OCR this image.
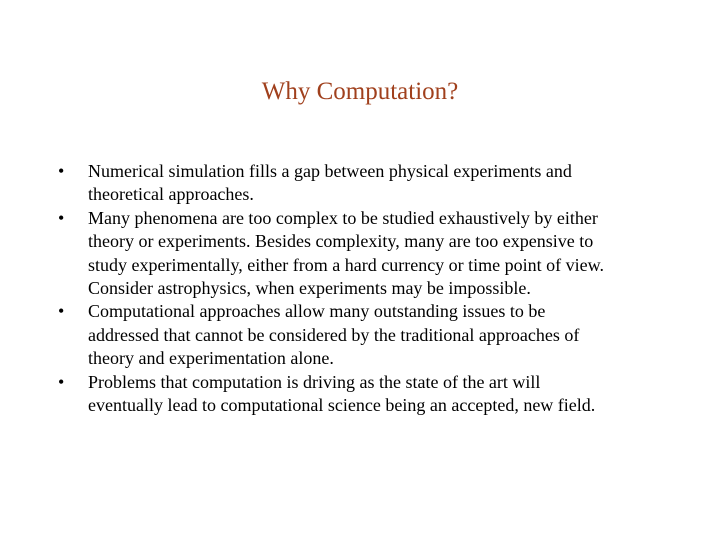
Why Computation?
•	Numerical simulation fills a gap between physical experiments and
theoretical approaches.
•	Many phenomena are too complex to be studied exhaustively by either
theory or experiments. Besides complexity, many are too expensive to
study experimentally, either from a hard currency or time point of view.
Consider astrophysics, when experiments may be impossible.
•	Computational approaches allow many outstanding issues to be
addressed that cannot be considered by the traditional approaches of
theory and experimentation alone.
•	Problems that computation is driving as the state of the art will
eventually lead to computational science being an accepted, new field.
